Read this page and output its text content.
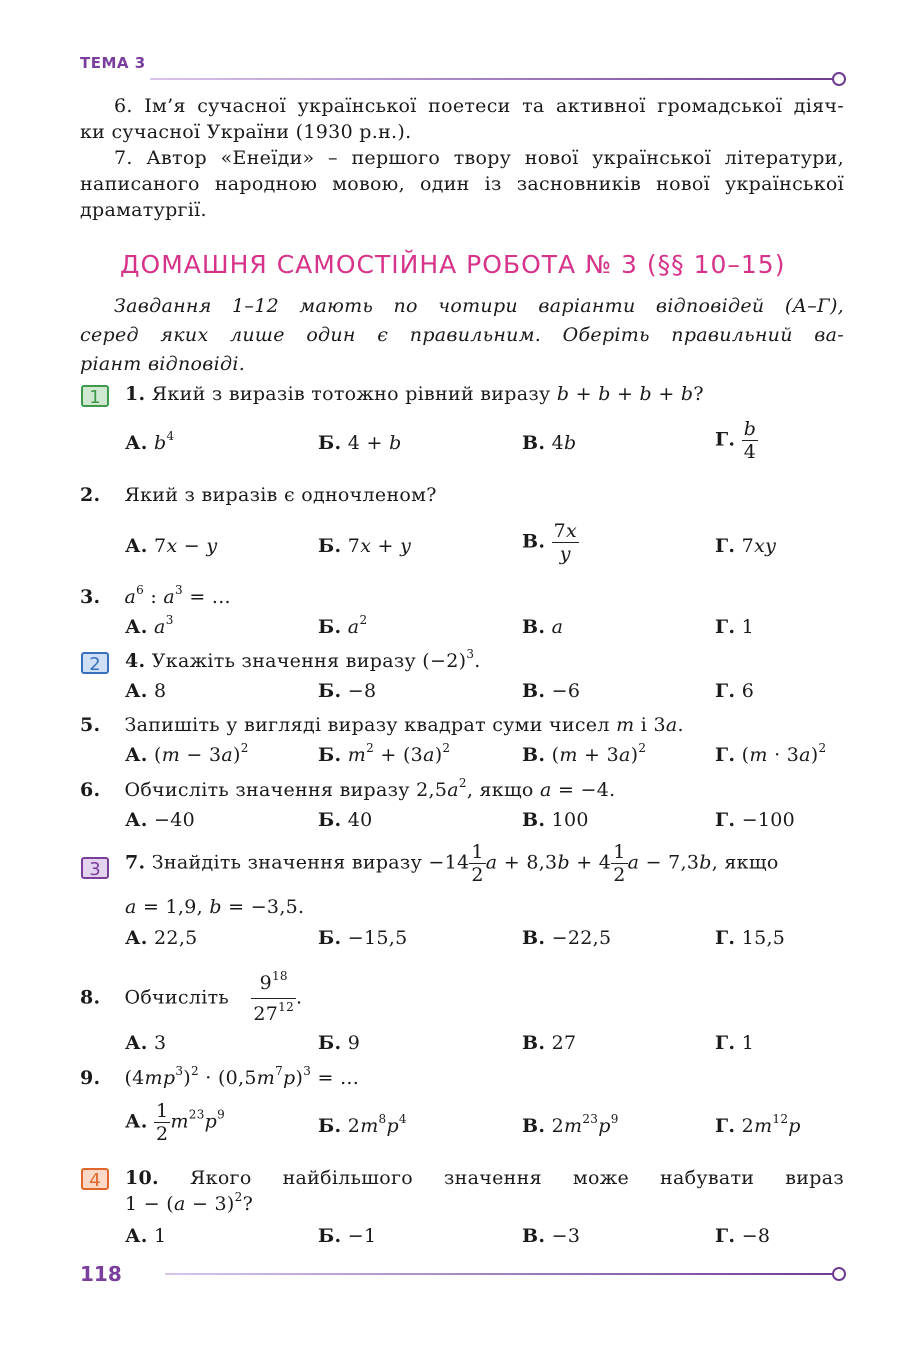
ТЕМА 3
6. Ім’я сучасної української поетеси та активної громадської діяч-
ки сучасної України (1930 р.н.).
7. Автор «Енеїди» – першого твору нової української літератури,
написаного народною мовою, один із засновників нової української
драматургії.
ДОМАШНЯ САМОСТІЙНА РОБОТА № 3 (§§ 10–15)
Завдання 1–12 мають по чотири варіанти відповідей (А–Г),
серед яких лише один є правильним. Оберіть правильний ва-
ріант відповіді.
1
2
3
4
1. Який з виразів тотожно рівний виразу b + b + b + b?
А. $b^4$	Б. 4 + b	В. 4b	Г. $\frac{b}{4}$
2. Який з виразів є одночленом?
А. 7x − y	Б. 7x + y	В. $\frac{7x}{y}$	Г. 7xy
3. $a^6$ : $a^3$ = ...
А. $a^3$	Б. $a^2$	В. a	Г. 1
4. Укажіть значення виразу $(-2)^3$.
А. 8	Б. −8	В. −6	Г. 6
5. Запишіть у вигляді виразу квадрат суми чисел m і 3a.
А. $(m - 3a)^2$	Б. $m^2 + (3a)^2$	В. $(m + 3a)^2$	Г. $(m \cdot 3a)^2$
6. Обчисліть значення виразу $2,5a^2$, якщо a = −4.
А. −40	Б. 40	В. 100	Г. −100
7. Знайдіть значення виразу $-14 \frac{1}{2}$ $a + 8,3b + 4 \frac{1}{2}$ a − 7,3b, якщо
a = 1,9, b = −3,5.
А. 22,5	Б. −15,5	В. −22,5	Г. 15,5
8. Обчисліть $\frac{9^{18}}{27^{12}}$ .
А. 3	Б. 9	В. 27	Г. 1
9. $(4mp^3)^2 \cdot (0,5m^7p)^3$ = ...
А. $\frac{1}{2} m^{23}p^9$
Б. $2m^8p^4$	В. $2m^{23}p^9$	Г. $2m^{12}p$
10. Якого найбільшого значення може набувати вираз
$1 - (a - 3)^2$?
А. 1	Б. −1	В. −3	Г. −8
118
